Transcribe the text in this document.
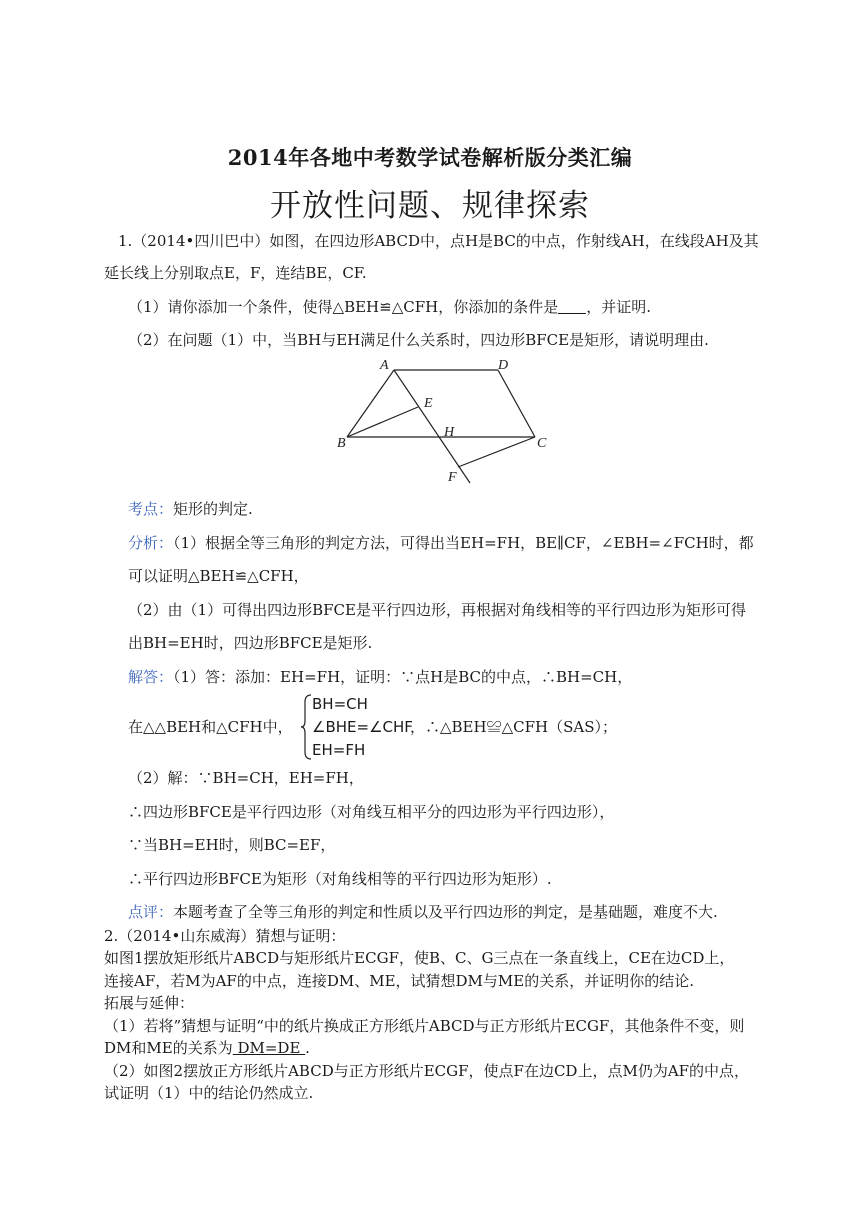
2014年各地中考数学试卷解析版分类汇编
开放性问题、规律探索
1.（2014•四川巴中）如图，在四边形ABCD中，点H是BC的中点，作射线AH，在线段AH及其
延长线上分别取点E，F，连结BE，CF.
（1）请你添加一个条件，使得△BEH≌△CFH，你添加的条件是 ，并证明.
（2）在问题（1）中，当BH与EH满足什么关系时，四边形BFCE是矩形，请说明理由.
A	D
E
H
B	C
F
考点：矩形的判定.
分析：（1）根据全等三角形的判定方法，可得出当EH=FH，BE∥CF，∠EBH=∠FCH时，都
可以证明△BEH≌△CFH，
（2）由（1）可得出四边形BFCE是平行四边形，再根据对角线相等的平行四边形为矩形可得
出BH=EH时，四边形BFCE是矩形.
解答：（1）答：添加：EH=FH，证明：∵点H是BC的中点，∴BH=CH，
在△△BEH和△CFH中，
BH=CH
∠BHE=∠CHF
EH=FH
，∴△BEH≌△CFH（SAS）；
（2）解：∵BH=CH，EH=FH，
∴四边形BFCE是平行四边形（对角线互相平分的四边形为平行四边形），
∵当BH=EH时，则BC=EF，
∴平行四边形BFCE为矩形（对角线相等的平行四边形为矩形）.
点评：本题考查了全等三角形的判定和性质以及平行四边形的判定，是基础题，难度不大.
2.（2014•山东威海）猜想与证明：
如图1摆放矩形纸片ABCD与矩形纸片ECGF，使B、C、G三点在一条直线上，CE在边CD上，
连接AF，若M为AF的中点，连接DM、ME，试猜想DM与ME的关系，并证明你的结论.
拓展与延伸：
（1）若将”猜想与证明“中的纸片换成正方形纸片ABCD与正方形纸片ECGF，其他条件不变，则
DM和ME的关系为 DM=DE .
（2）如图2摆放正方形纸片ABCD与正方形纸片ECGF，使点F在边CD上，点M仍为AF的中点，
试证明（1）中的结论仍然成立.
